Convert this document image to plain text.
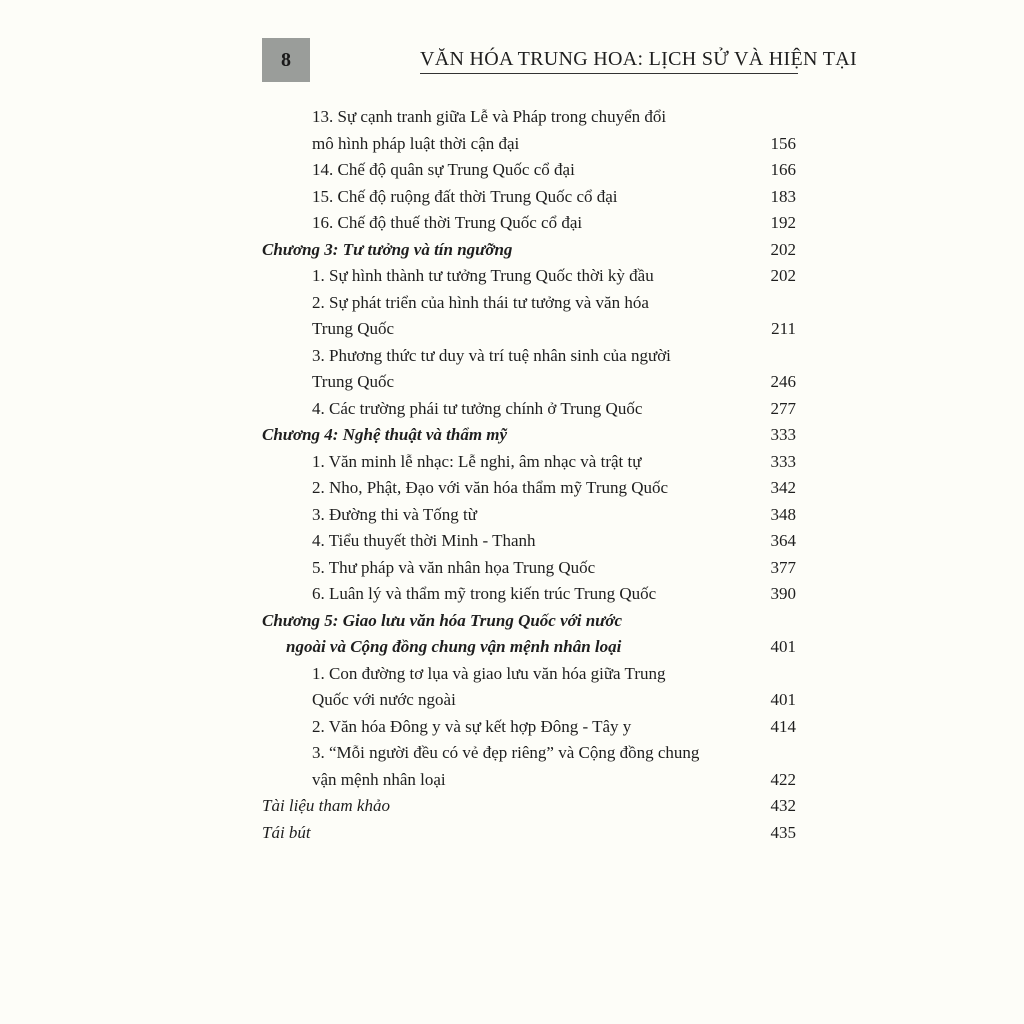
8	VĂN HÓA TRUNG HOA: LỊCH SỬ VÀ HIỆN TẠI
13. Sự cạnh tranh giữa Lễ và Pháp trong chuyển đổi
mô hình pháp luật thời cận đại	156
14. Chế độ quân sự Trung Quốc cổ đại	166
15. Chế độ ruộng đất thời Trung Quốc cổ đại	183
16. Chế độ thuế thời Trung Quốc cổ đại	192
Chương 3: Tư tưởng và tín ngưỡng	202
1. Sự hình thành tư tưởng Trung Quốc thời kỳ đầu	202
2. Sự phát triển của hình thái tư tưởng và văn hóa
Trung Quốc	211
3. Phương thức tư duy và trí tuệ nhân sinh của người
Trung Quốc	246
4. Các trường phái tư tưởng chính ở Trung Quốc	277
Chương 4: Nghệ thuật và thẩm mỹ	333
1. Văn minh lễ nhạc: Lễ nghi, âm nhạc và trật tự	333
2. Nho, Phật, Đạo với văn hóa thẩm mỹ Trung Quốc	342
3. Đường thi và Tống từ	348
4. Tiểu thuyết thời Minh - Thanh	364
5. Thư pháp và văn nhân họa Trung Quốc	377
6. Luân lý và thẩm mỹ trong kiến trúc Trung Quốc	390
Chương 5: Giao lưu văn hóa Trung Quốc với nước
ngoài và Cộng đồng chung vận mệnh nhân loại	401
1. Con đường tơ lụa và giao lưu văn hóa giữa Trung
Quốc với nước ngoài	401
2. Văn hóa Đông y và sự kết hợp Đông - Tây y	414
3. “Mỗi người đều có vẻ đẹp riêng” và Cộng đồng chung
vận mệnh nhân loại	422
Tài liệu tham khảo	432
Tái bút	435
